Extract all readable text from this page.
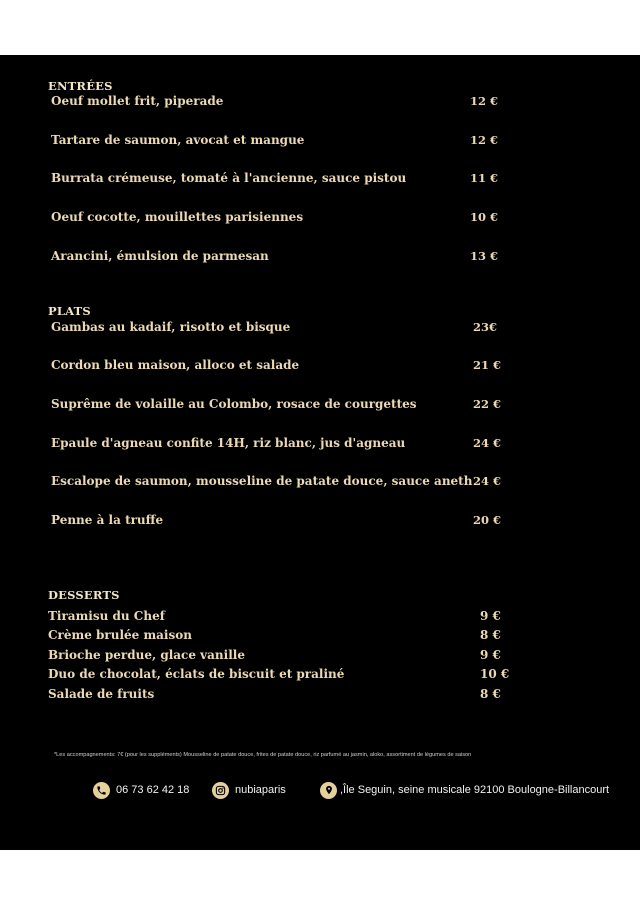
ENTRÉES
Oeuf mollet frit, piperade	12 €
Tartare de saumon, avocat et mangue	12 €
Burrata crémeuse, tomaté à l'ancienne, sauce pistou	11 €
Oeuf cocotte, mouillettes parisiennes	10 €
Arancini, émulsion de parmesan	13 €
PLATS
Gambas au kadaif, risotto et bisque	23€
Cordon bleu maison, alloco et salade	21 €
Suprême de volaille au Colombo, rosace de courgettes	22 €
Epaule d'agneau confite 14H, riz blanc, jus d'agneau	24 €
Escalope de saumon, mousseline de patate douce, sauce aneth 24 €
Penne à la truffe	20 €
DESSERTS
Tiramisu du Chef	9 €
Crème brulée maison	8 €
Brioche perdue, glace vanille	9 €
Duo de chocolat, éclats de biscuit et praliné	10 €
Salade de fruits	8 €
*Les accompagnements: 7€ (pour les suppléments) Mousseline de patate douce, frites de patate douce, riz parfumé au jasmin, aloko, assortiment de légumes de saison
06 73 62 42 18	nubiaparis	,Île Seguin, seine musicale 92100 Boulogne-Billancourt
